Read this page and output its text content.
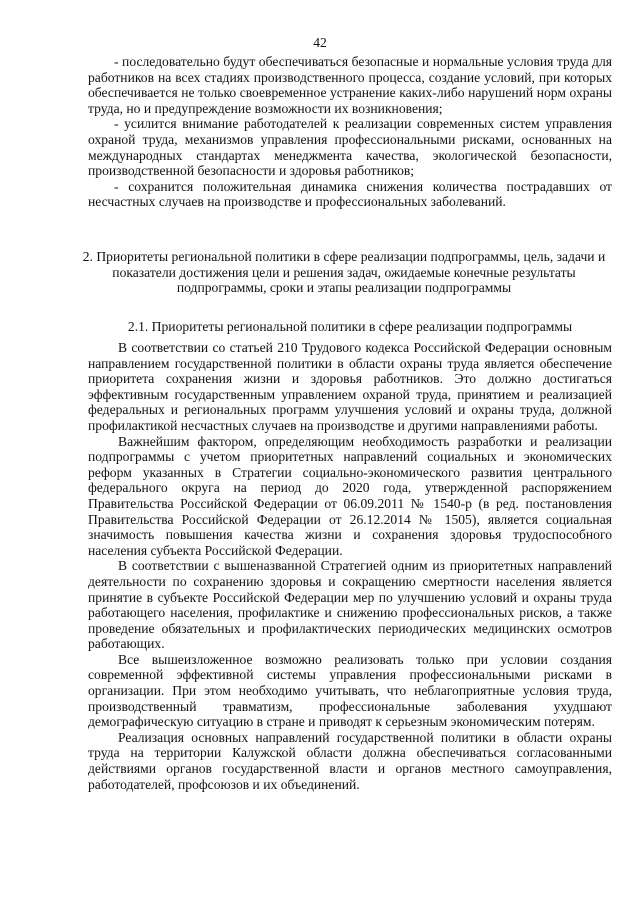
42

- последовательно будут обеспечиваться безопасные и нормальные условия труда для работников на всех стадиях производственного процесса, создание условий, при которых обеспечивается не только своевременное устранение каких-либо нарушений норм охраны труда, но и предупреждение возможности их возникновения;

- усилится внимание работодателей к реализации современных систем управления охраной труда, механизмов управления профессиональными рисками, основанных на международных стандартах менеджмента качества, экологической безопасности, производственной безопасности и здоровья работников;

- сохранится положительная динамика снижения количества пострадавших от несчастных случаев на производстве и профессиональных заболеваний.

2. Приоритеты региональной политики в сфере реализации подпрограммы, цель, задачи и показатели достижения цели и решения задач, ожидаемые конечные результаты подпрограммы, сроки и этапы реализации подпрограммы
2.1. Приоритеты региональной политики в сфере реализации подпрограммы

В соответствии со статьей 210 Трудового кодекса Российской Федерации основным направлением государственной политики в области охраны труда является обеспечение приоритета сохранения жизни и здоровья работников. Это должно достигаться эффективным государственным управлением охраной труда, принятием и реализацией федеральных и региональных программ улучшения условий и охраны труда, должной профилактикой несчастных случаев на производстве и другими направлениями работы.

Важнейшим фактором, определяющим необходимость разработки и реализации подпрограммы с учетом приоритетных направлений социальных и экономических реформ указанных в Стратегии социально-экономического развития центрального федерального округа на период до 2020 года, утвержденной распоряжением Правительства Российской Федерации от 06.09.2011 № 1540-р (в ред. постановления Правительства Российской Федерации от 26.12.2014 № 1505), является социальная значимость повышения качества жизни и сохранения здоровья трудоспособного населения субъекта Российской Федерации.

В соответствии с вышеназванной Стратегией одним из приоритетных направлений деятельности по сохранению здоровья и сокращению смертности населения является принятие в субъекте Российской Федерации мер по улучшению условий и охраны труда работающего населения, профилактике и снижению профессиональных рисков, а также проведение обязательных и профилактических периодических медицинских осмотров работающих.

Все вышеизложенное возможно реализовать только при условии создания современной эффективной системы управления профессиональными рисками в организации. При этом необходимо учитывать, что неблагоприятные условия труда, производственный травматизм, профессиональные заболевания ухудшают демографическую ситуацию в стране и приводят к серьезным экономическим потерям.

Реализация основных направлений государственной политики в области охраны труда на территории Калужской области должна обеспечиваться согласованными действиями органов государственной власти и органов местного самоуправления, работодателей, профсоюзов и их объединений.
